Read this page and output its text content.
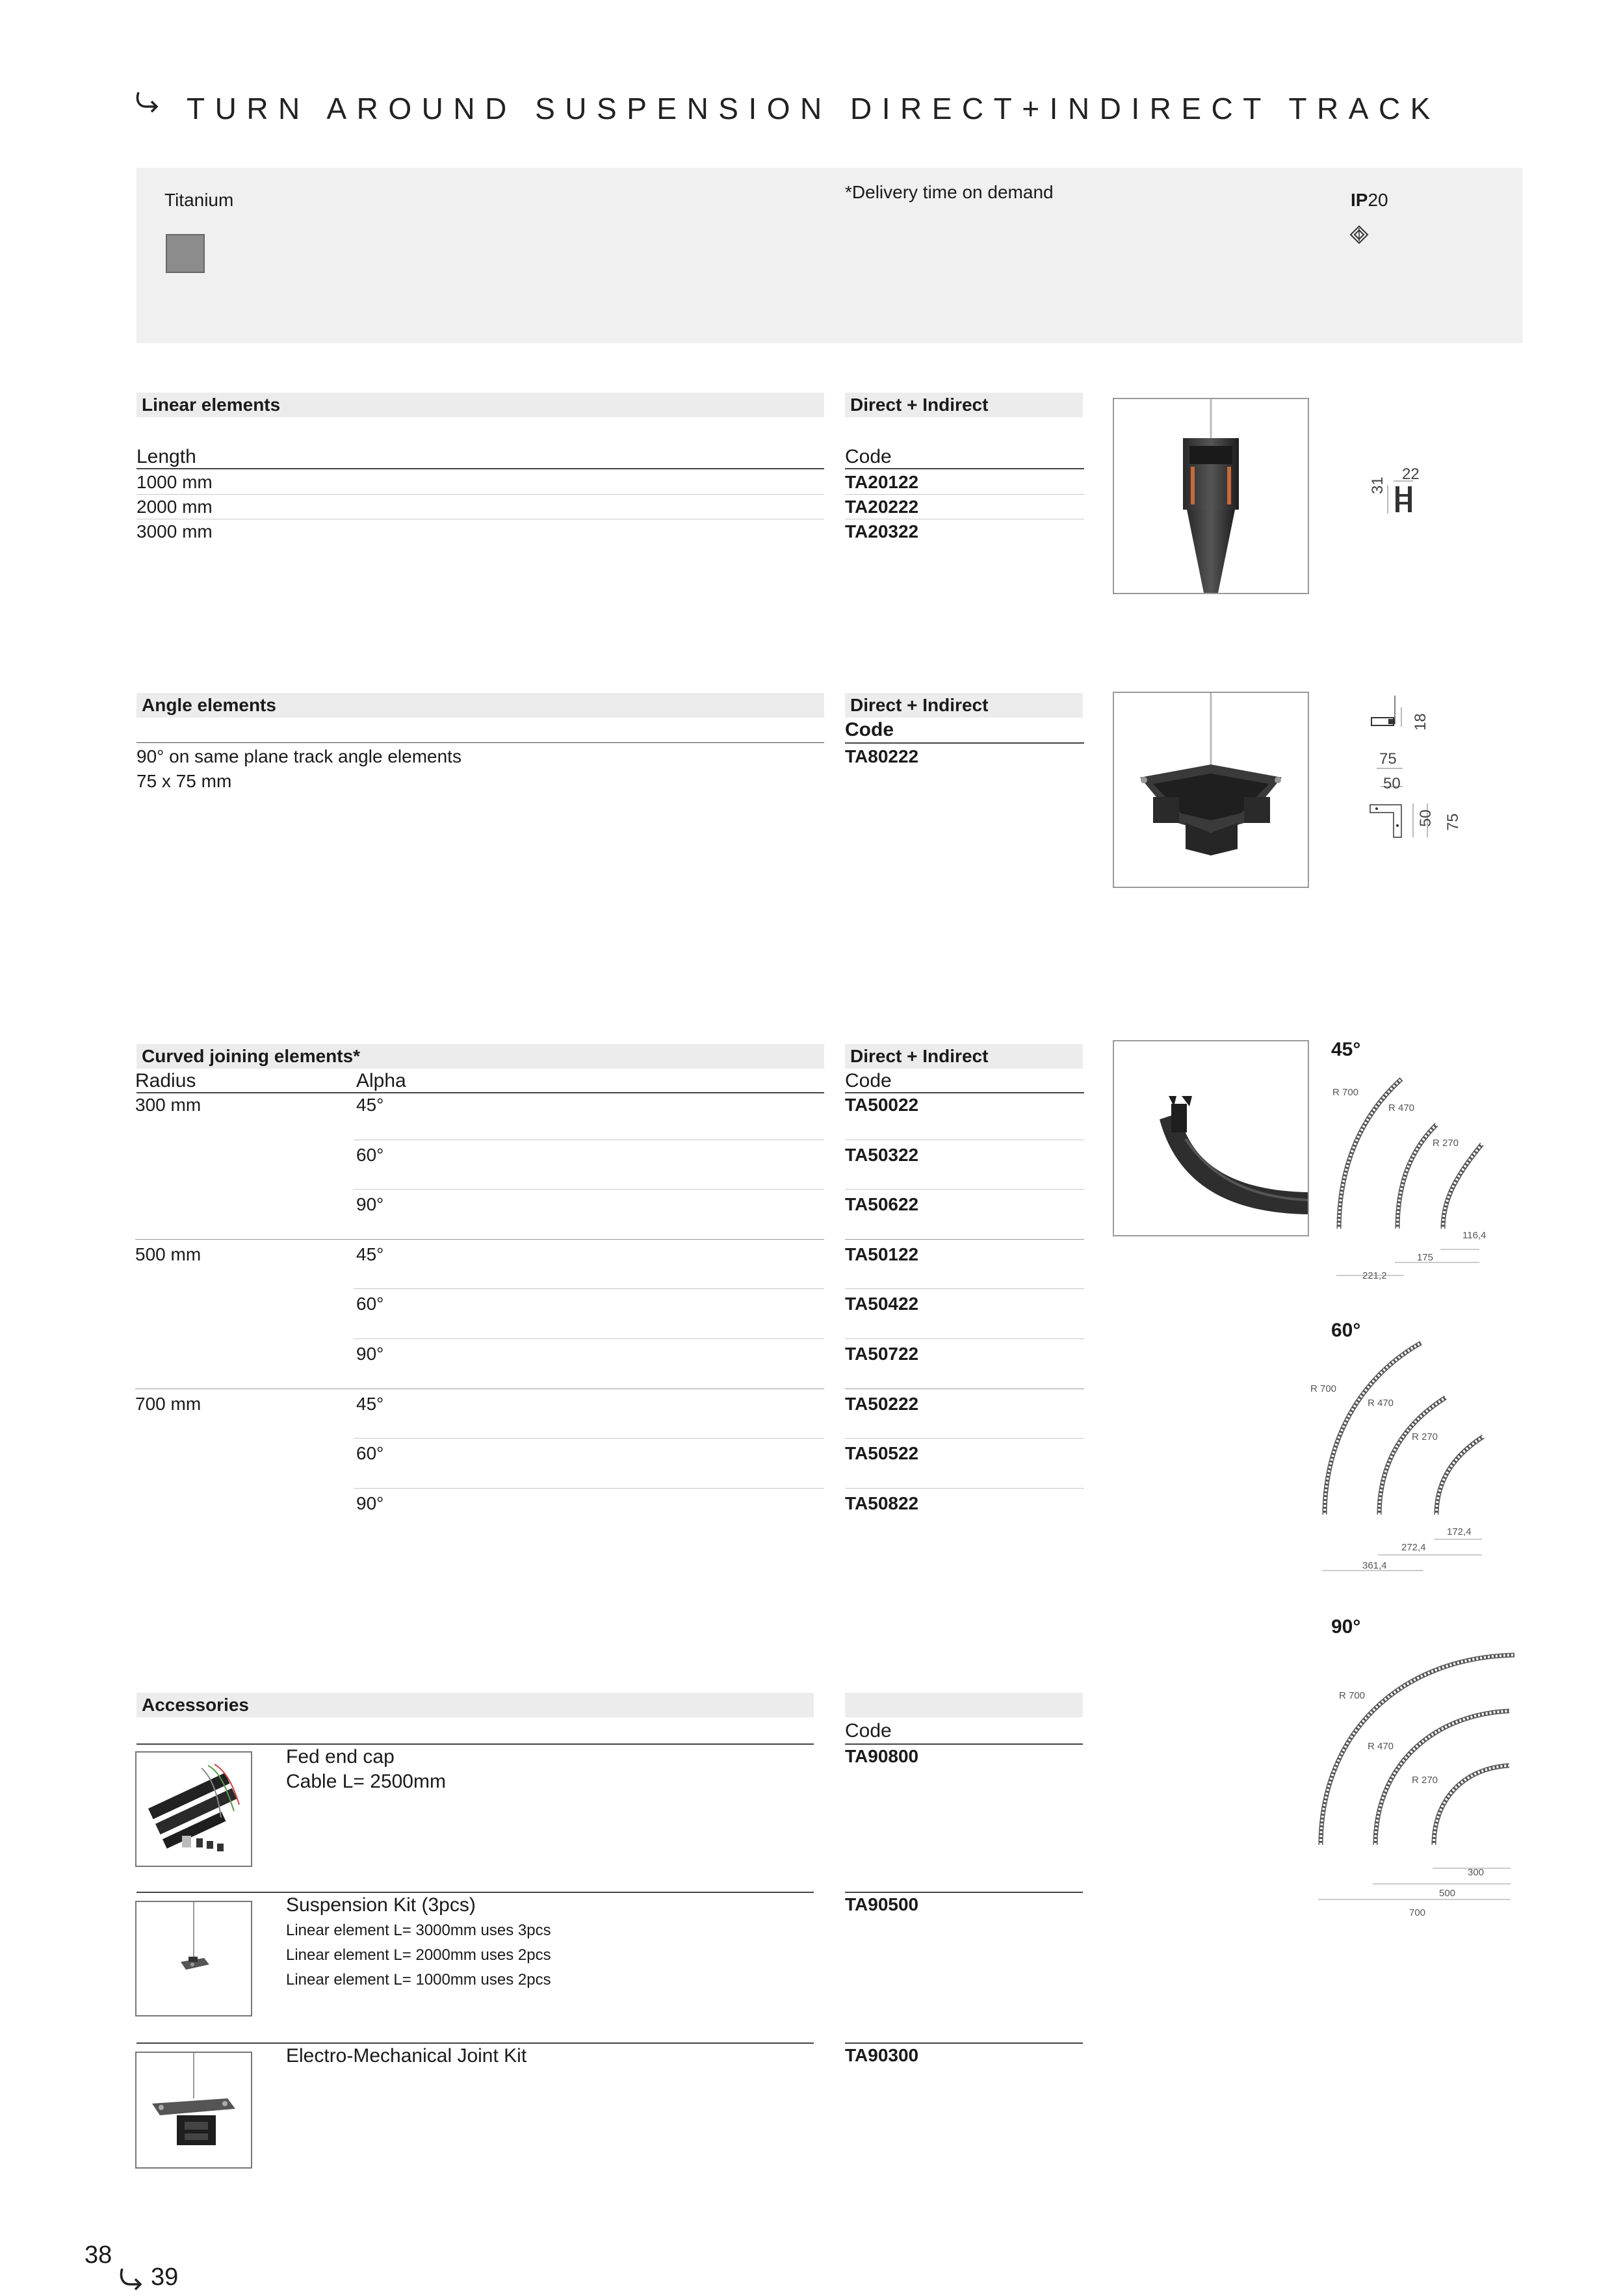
TURN AROUND SUSPENSION DIRECT+INDIRECT TRACK
Titanium	*Delivery time on demand	IP20
Linear elements	Direct + Indirect
Length	Code
1000 mm	TA20122
2000 mm	TA20222
3000 mm	TA20322
22
31
Angle elements	Direct + Indirect
Code
90° on same plane track angle elements
75 x 75 mm
TA80222
18
75
50
50 75
Curved joining elements*	Direct + Indirect
Radius	Alpha	Code
300 mm	45°	TA50022
60°	TA50322
90°	TA50622
500 mm	45°	TA50122
60°	TA50422
90°	TA50722
700 mm	45°	TA50222
60°	TA50522
90°	TA50822
45°
R 700
R 470
R 270
116,4
175
221,2
60°
R 700
R 470
R 270
172,4
272,4
361,4
90°
R 700
R 470
R 270
300
500
700
Accessories
Code
Fed end cap
Cable L= 2500mm
TA90800
Suspension Kit (3pcs)
Linear element L= 3000mm uses 3pcs
Linear element L= 2000mm uses 2pcs
Linear element L= 1000mm uses 2pcs
TA90500
Electro-Mechanical Joint Kit	TA90300
38
39
